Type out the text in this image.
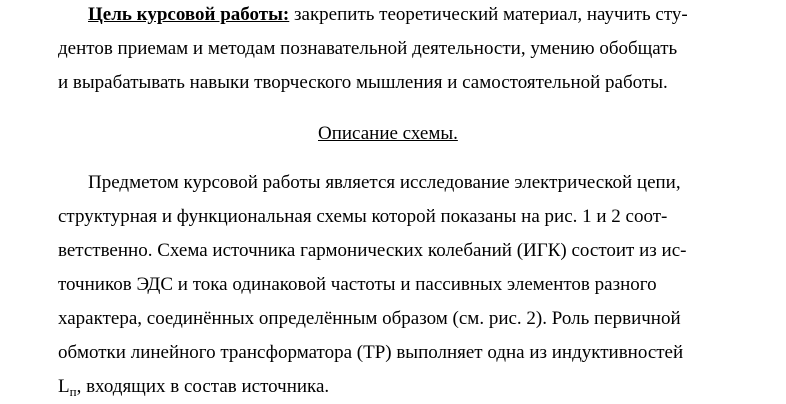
Цель курсовой работы: закрепить теоретический материал, научить сту-
дентов приемам и методам познавательной деятельности, умению обобщать
и вырабатывать навыки творческого мышления и самостоятельной работы.
Описание схемы.
Предметом курсовой работы является исследование электрической цепи,
структурная и функциональная схемы которой показаны на рис. 1 и 2 соот-
ветственно. Схема источника гармонических колебаний (ИГК) состоит из ис-
точников ЭДС и тока одинаковой частоты и пассивных элементов разного
характера, соединённых определённым образом (см. рис. 2). Роль первичной
обмотки линейного трансформатора (ТР) выполняет одна из индуктивностей
$L_п$, входящих в состав источника.
